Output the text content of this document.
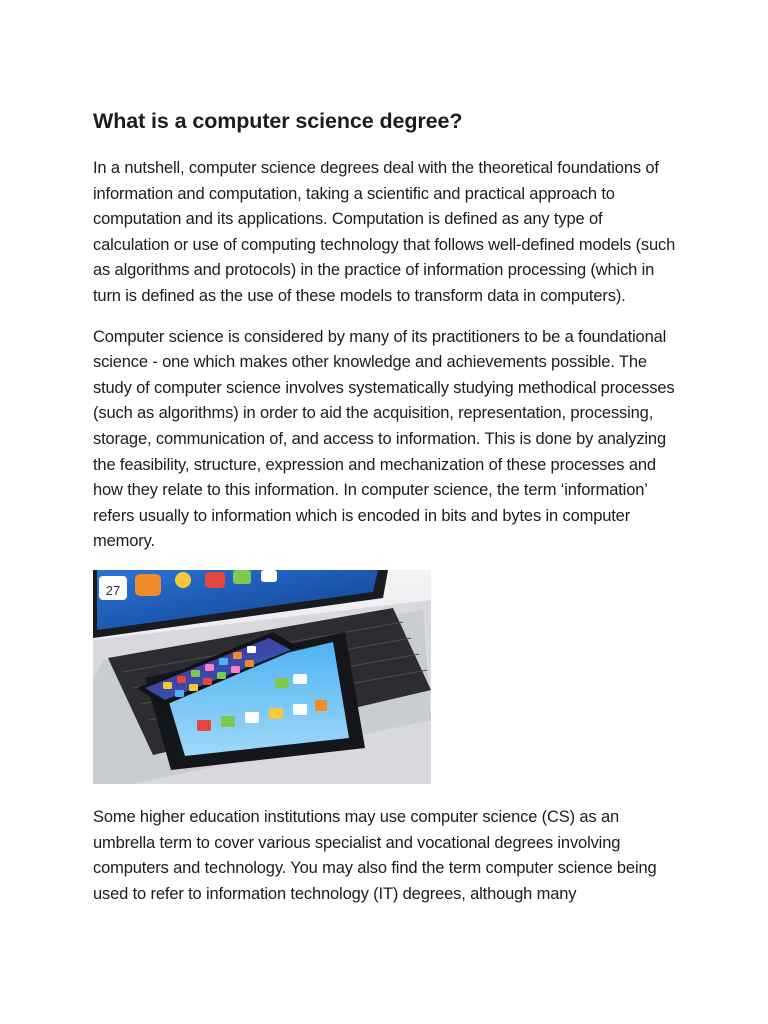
What is a computer science degree?

In a nutshell, computer science degrees deal with the theoretical foundations of information and computation, taking a scientific and practical approach to computation and its applications. Computation is defined as any type of calculation or use of computing technology that follows well-defined models (such as algorithms and protocols) in the practice of information processing (which in turn is defined as the use of these models to transform data in computers).

Computer science is considered by many of its practitioners to be a foundational science - one which makes other knowledge and achievements possible. The study of computer science involves systematically studying methodical processes (such as algorithms) in order to aid the acquisition, representation, processing, storage, communication of, and access to information. This is done by analyzing the feasibility, structure, expression and mechanization of these processes and how they relate to this information. In computer science, the term ‘information’ refers usually to information which is encoded in bits and bytes in computer memory.

27

Some higher education institutions may use computer science (CS) as an umbrella term to cover various specialist and vocational degrees involving computers and technology. You may also find the term computer science being used to refer to information technology (IT) degrees, although many
